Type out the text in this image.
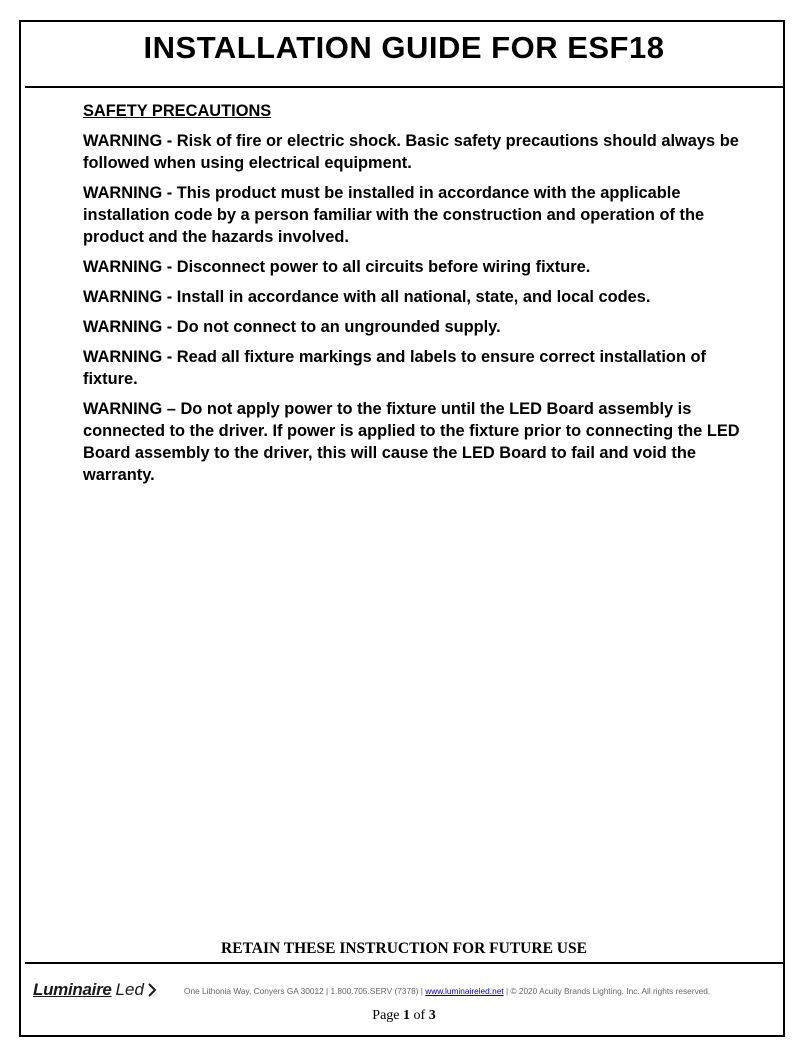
INSTALLATION GUIDE FOR ESF18

SAFETY PRECAUTIONS

WARNING - Risk of fire or electric shock. Basic safety precautions should always be followed when using electrical equipment.

WARNING - This product must be installed in accordance with the applicable installation code by a person familiar with the construction and operation of the product and the hazards involved.

WARNING - Disconnect power to all circuits before wiring fixture.

WARNING - Install in accordance with all national, state, and local codes.

WARNING - Do not connect to an ungrounded supply.

WARNING - Read all fixture markings and labels to ensure correct installation of fixture.

WARNING – Do not apply power to the fixture until the LED Board assembly is connected to the driver. If power is applied to the fixture prior to connecting the LED Board assembly to the driver, this will cause the LED Board to fail and void the warranty.

RETAIN THESE INSTRUCTION FOR FUTURE USE
Luminaire Led	One Lithonia Way, Conyers GA 30012 | 1.800.705.SERV (7378) | www.luminaireled.net | © 2020 Acuity Brands Lighting, Inc. All rights reserved.
Page 1 of 3
